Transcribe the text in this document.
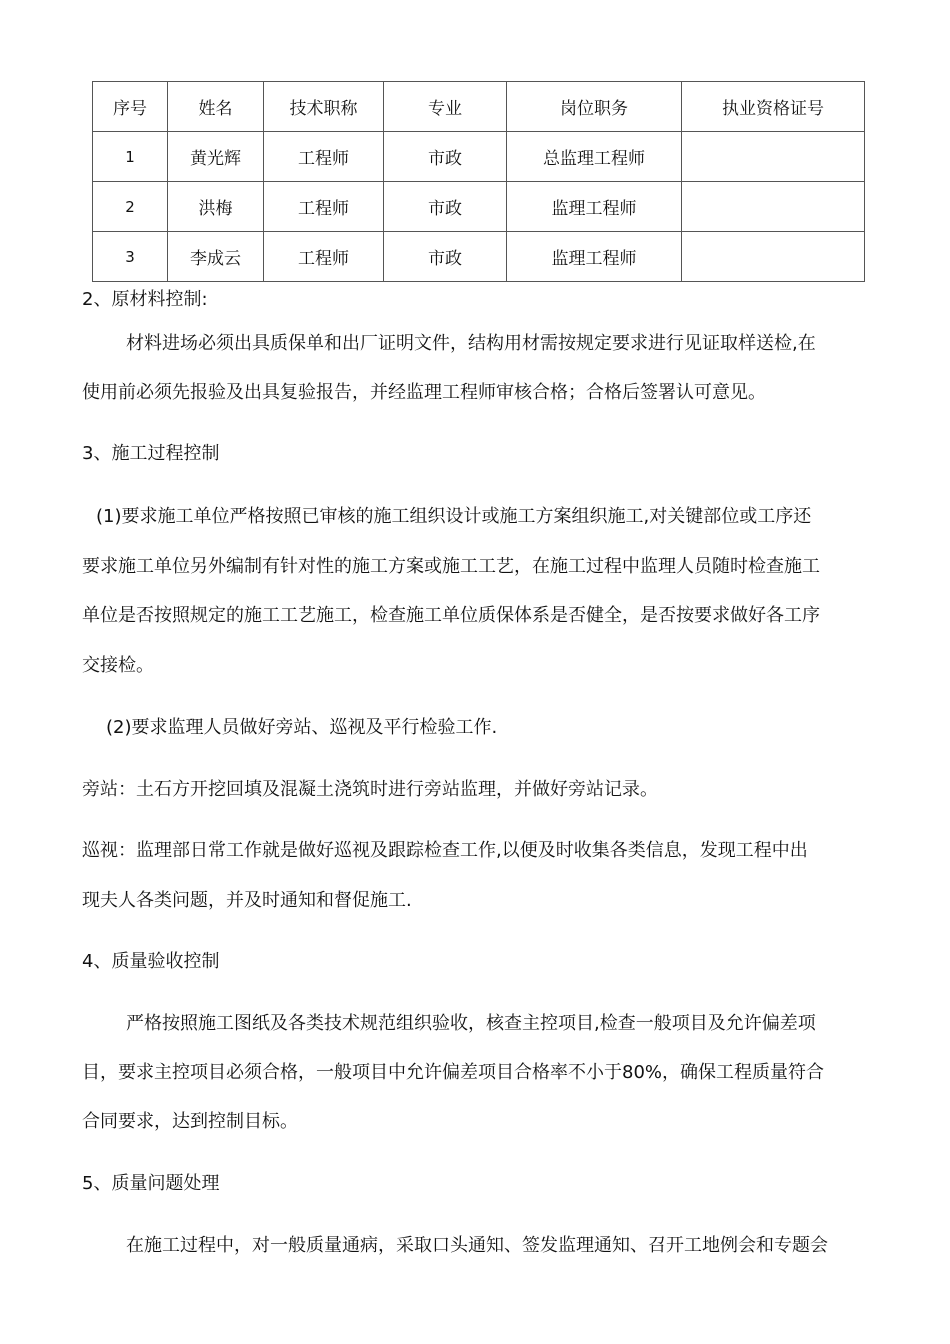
序号	姓名	技术职称	专业	岗位职务	执业资格证号
1	黄光辉	工程师	市政	总监理工程师	
2	洪梅	工程师	市政	监理工程师	
3	李成云	工程师	市政	监理工程师	

2、原材料控制:

材料进场必须出具质保单和出厂证明文件，结构用材需按规定要求进行见证取样送检,在

使用前必须先报验及出具复验报告，并经监理工程师审核合格；合格后签署认可意见。

3、施工过程控制

(1)要求施工单位严格按照已审核的施工组织设计或施工方案组织施工,对关键部位或工序还

要求施工单位另外编制有针对性的施工方案或施工工艺，在施工过程中监理人员随时检查施工

单位是否按照规定的施工工艺施工，检查施工单位质保体系是否健全，是否按要求做好各工序

交接检。

(2)要求监理人员做好旁站、巡视及平行检验工作.

旁站：土石方开挖回填及混凝土浇筑时进行旁站监理，并做好旁站记录。

巡视：监理部日常工作就是做好巡视及跟踪检查工作,以便及时收集各类信息，发现工程中出

现夫人各类问题，并及时通知和督促施工.

4、质量验收控制

严格按照施工图纸及各类技术规范组织验收，核查主控项目,检查一般项目及允许偏差项

目，要求主控项目必须合格，一般项目中允许偏差项目合格率不小于80%，确保工程质量符合

合同要求，达到控制目标。

5、质量问题处理

在施工过程中，对一般质量通病，采取口头通知、签发监理通知、召开工地例会和专题会
